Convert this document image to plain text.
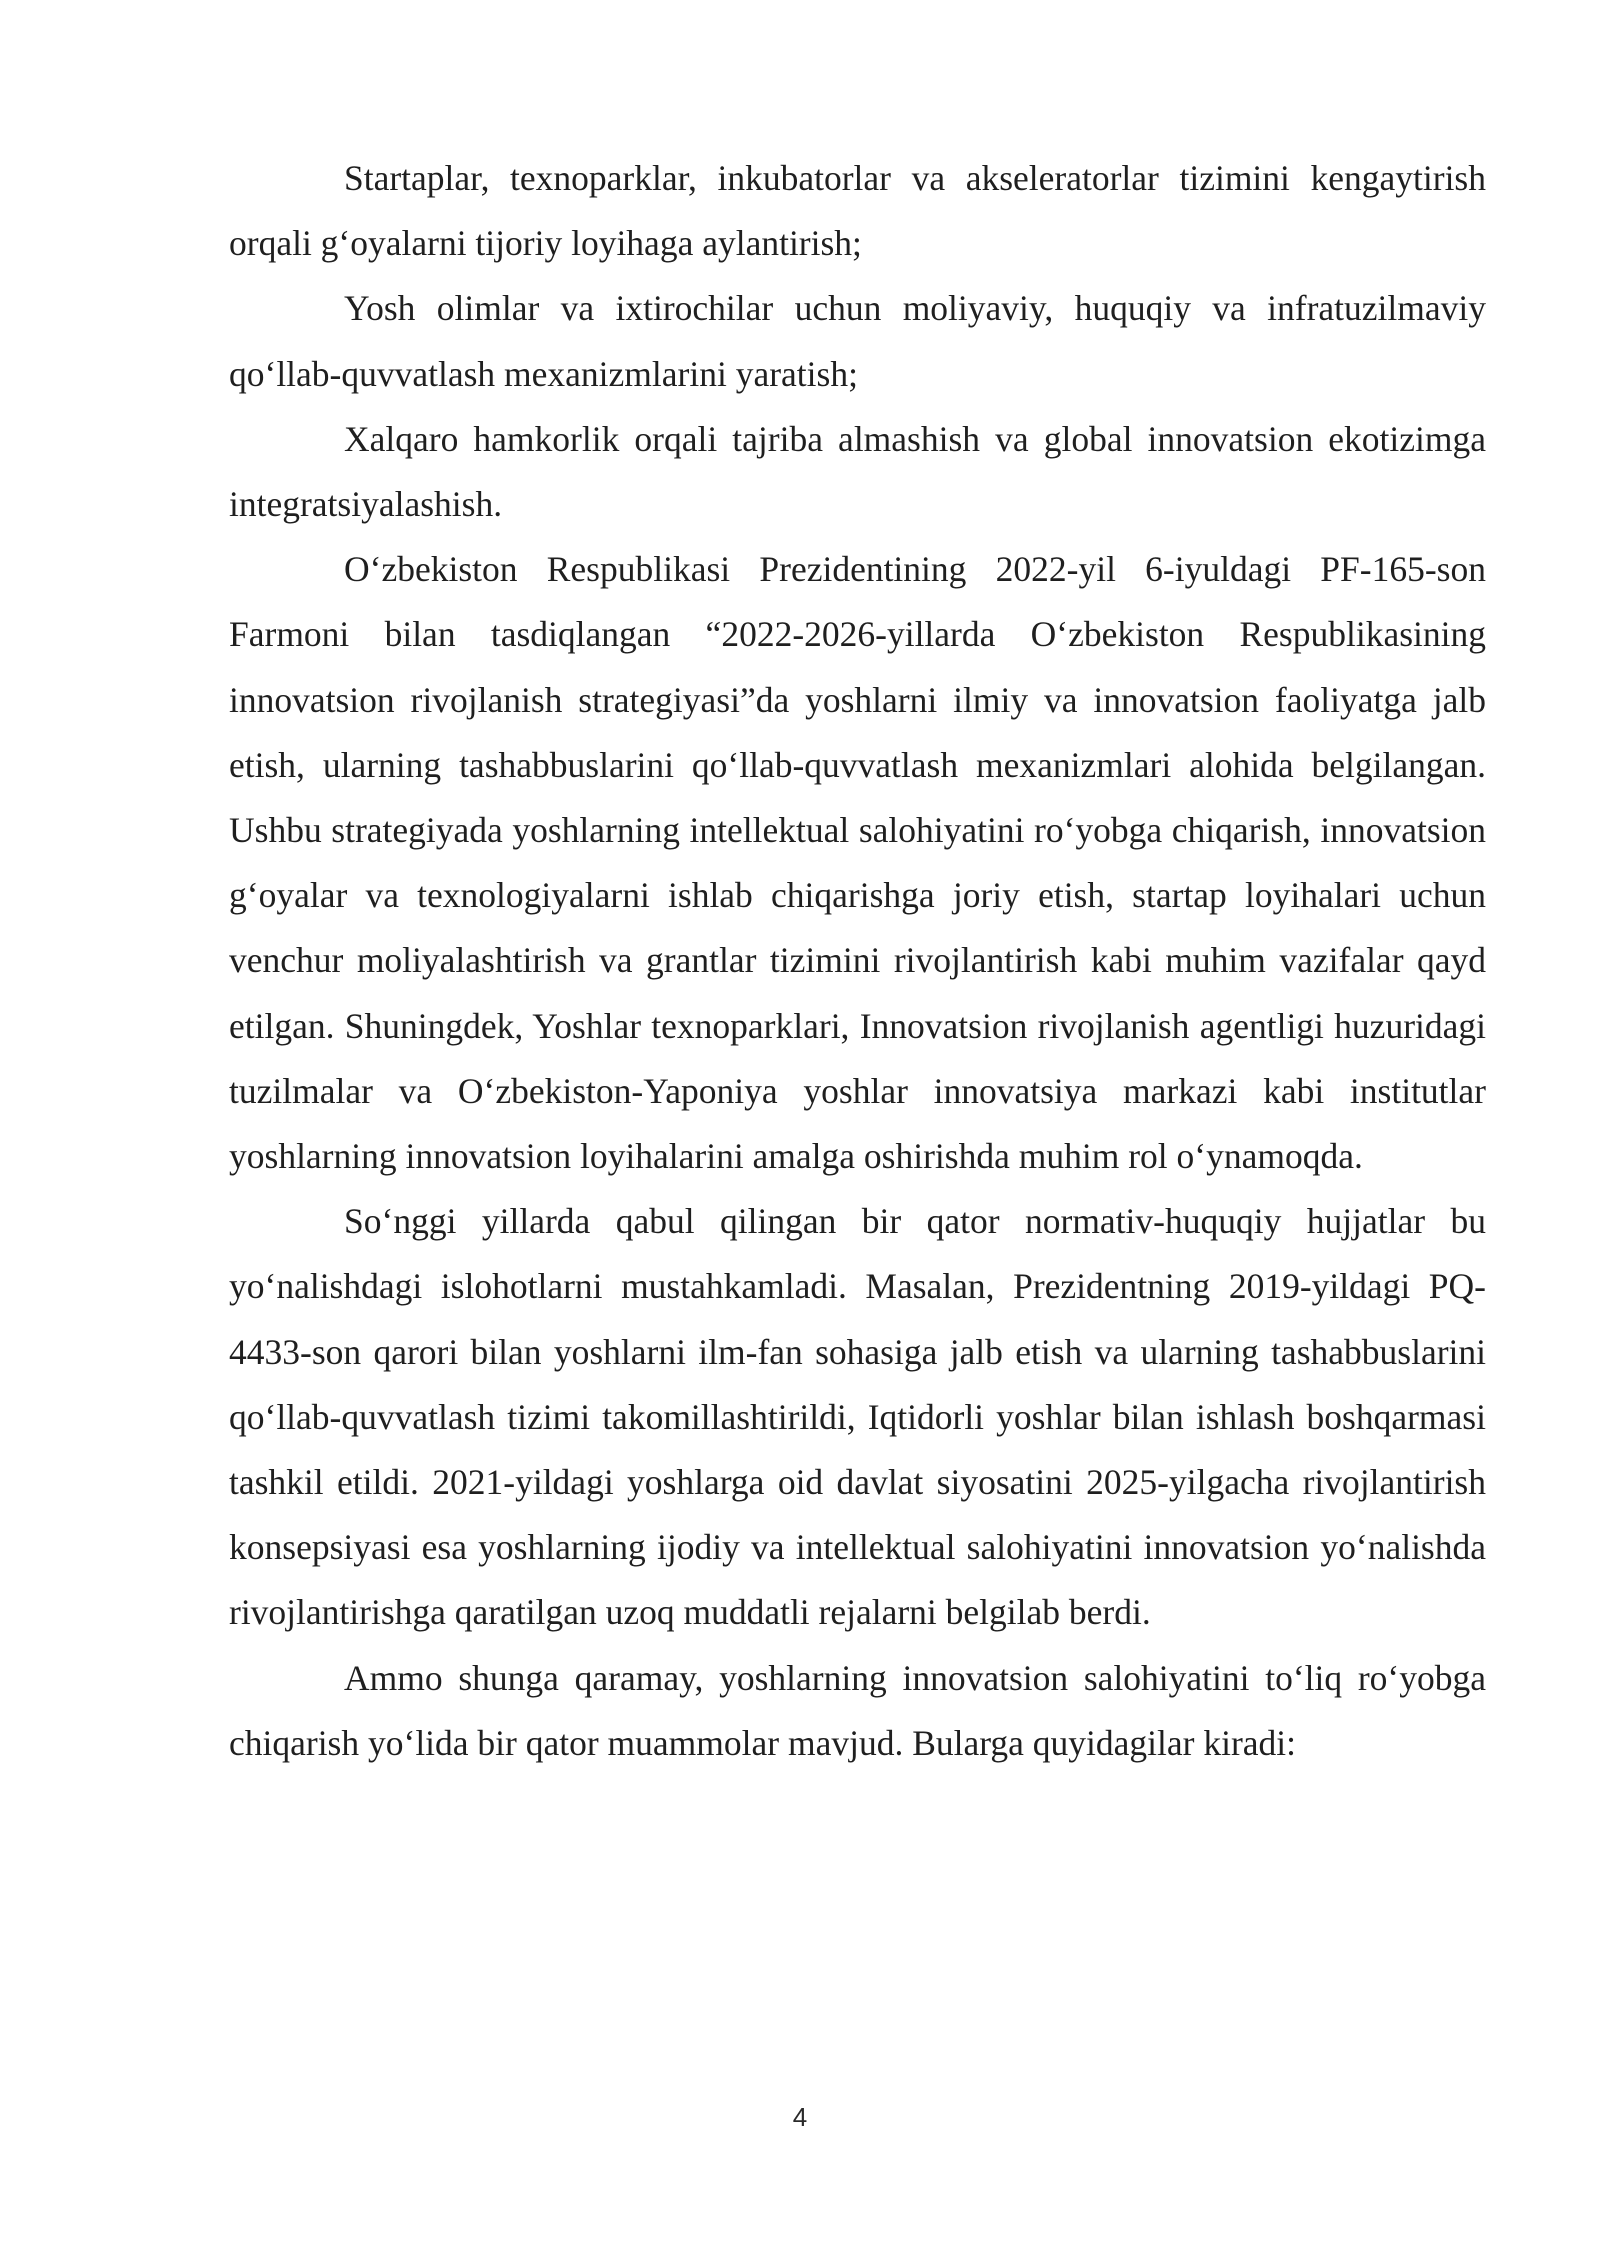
Startaplar, texnoparklar, inkubatorlar va akseleratorlar tizimini kengaytirish orqali g‘oyalarni tijoriy loyihaga aylantirish;

Yosh olimlar va ixtirochilar uchun moliyaviy, huquqiy va infratuzilmaviy qo‘llab-quvvatlash mexanizmlarini yaratish;

Xalqaro hamkorlik orqali tajriba almashish va global innovatsion ekotizimga integratsiyalashish.

O‘zbekiston Respublikasi Prezidentining 2022-yil 6-iyuldagi PF-165-son Farmoni bilan tasdiqlangan “2022-2026-yillarda O‘zbekiston Respublikasining innovatsion rivojlanish strategiyasi”da yoshlarni ilmiy va innovatsion faoliyatga jalb etish, ularning tashabbuslarini qo‘llab-quvvatlash mexanizmlari alohida belgilangan. Ushbu strategiyada yoshlarning intellektual salohiyatini ro‘yobga chiqarish, innovatsion g‘oyalar va texnologiyalarni ishlab chiqarishga joriy etish, startap loyihalari uchun venchur moliyalashtirish va grantlar tizimini rivojlantirish kabi muhim vazifalar qayd etilgan. Shuningdek, Yoshlar texnoparklari, Innovatsion rivojlanish agentligi huzuridagi tuzilmalar va O‘zbekiston-Yaponiya yoshlar innovatsiya markazi kabi institutlar yoshlarning innovatsion loyihalarini amalga oshirishda muhim rol o‘ynamoqda.

So‘nggi yillarda qabul qilingan bir qator normativ-huquqiy hujjatlar bu yo‘nalishdagi islohotlarni mustahkamladi. Masalan, Prezidentning 2019-yildagi PQ-4433-son qarori bilan yoshlarni ilm-fan sohasiga jalb etish va ularning tashabbuslarini qo‘llab-quvvatlash tizimi takomillashtirildi, Iqtidorli yoshlar bilan ishlash boshqarmasi tashkil etildi. 2021-yildagi yoshlarga oid davlat siyosatini 2025-yilgacha rivojlantirish konsepsiyasi esa yoshlarning ijodiy va intellektual salohiyatini innovatsion yo‘nalishda rivojlantirishga qaratilgan uzoq muddatli rejalarni belgilab berdi.

Ammo shunga qaramay, yoshlarning innovatsion salohiyatini to‘liq ro‘yobga chiqarish yo‘lida bir qator muammolar mavjud. Bularga quyidagilar kiradi:

4
